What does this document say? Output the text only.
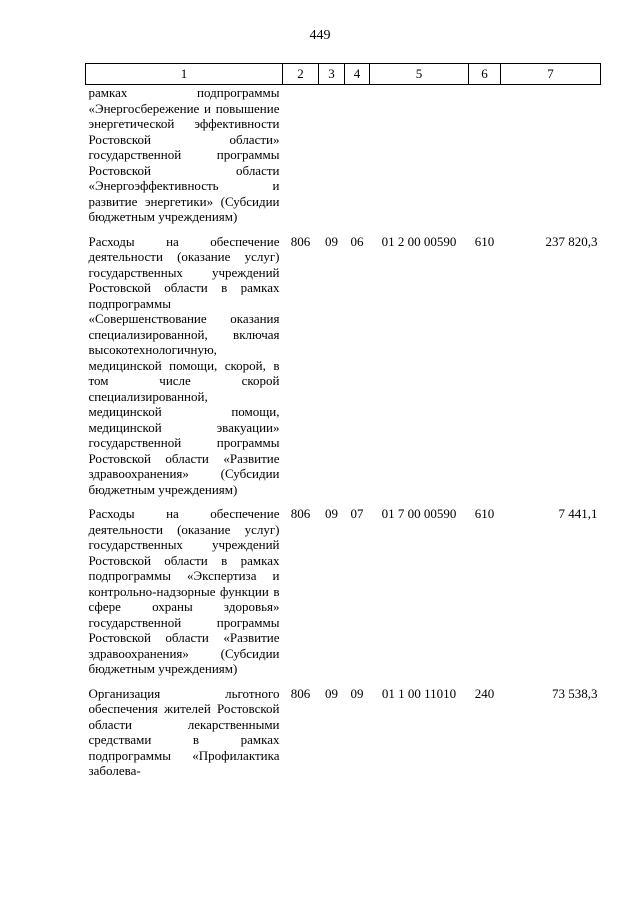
449
1	2	3	4	5	6	7
рамках подпрограммы «Энергосбережение и повышение энергетической эффективности Ростовской области» государственной программы Ростовской области «Энергоэффективность и развитие энергетики» (Субсидии бюджетным учреждениям)						
Расходы на обеспечение деятельности (оказание услуг) государственных учреждений Ростовской области в рамках подпрограммы «Совершенствование оказания специализированной, включая высокотехнологичную, медицинской помощи, скорой, в том числе скорой специализированной, медицинской помощи, медицинской эвакуации» государственной программы Ростовской области «Развитие здравоохранения» (Субсидии бюджетным учреждениям)	806	09	06	01 2 00 00590	610	237 820,3
Расходы на обеспечение деятельности (оказание услуг) государственных учреждений Ростовской области в рамках подпрограммы «Экспертиза и контрольно-надзорные функции в сфере охраны здоровья» государственной программы Ростовской области «Развитие здравоохранения» (Субсидии бюджетным учреждениям)	806	09	07	01 7 00 00590	610	7 441,1
Организация льготного обеспечения жителей Ростовской области лекарственными средствами в рамках подпрограммы «Профилактика заболева-	806	09	09	01 1 00 11010	240	73 538,3
